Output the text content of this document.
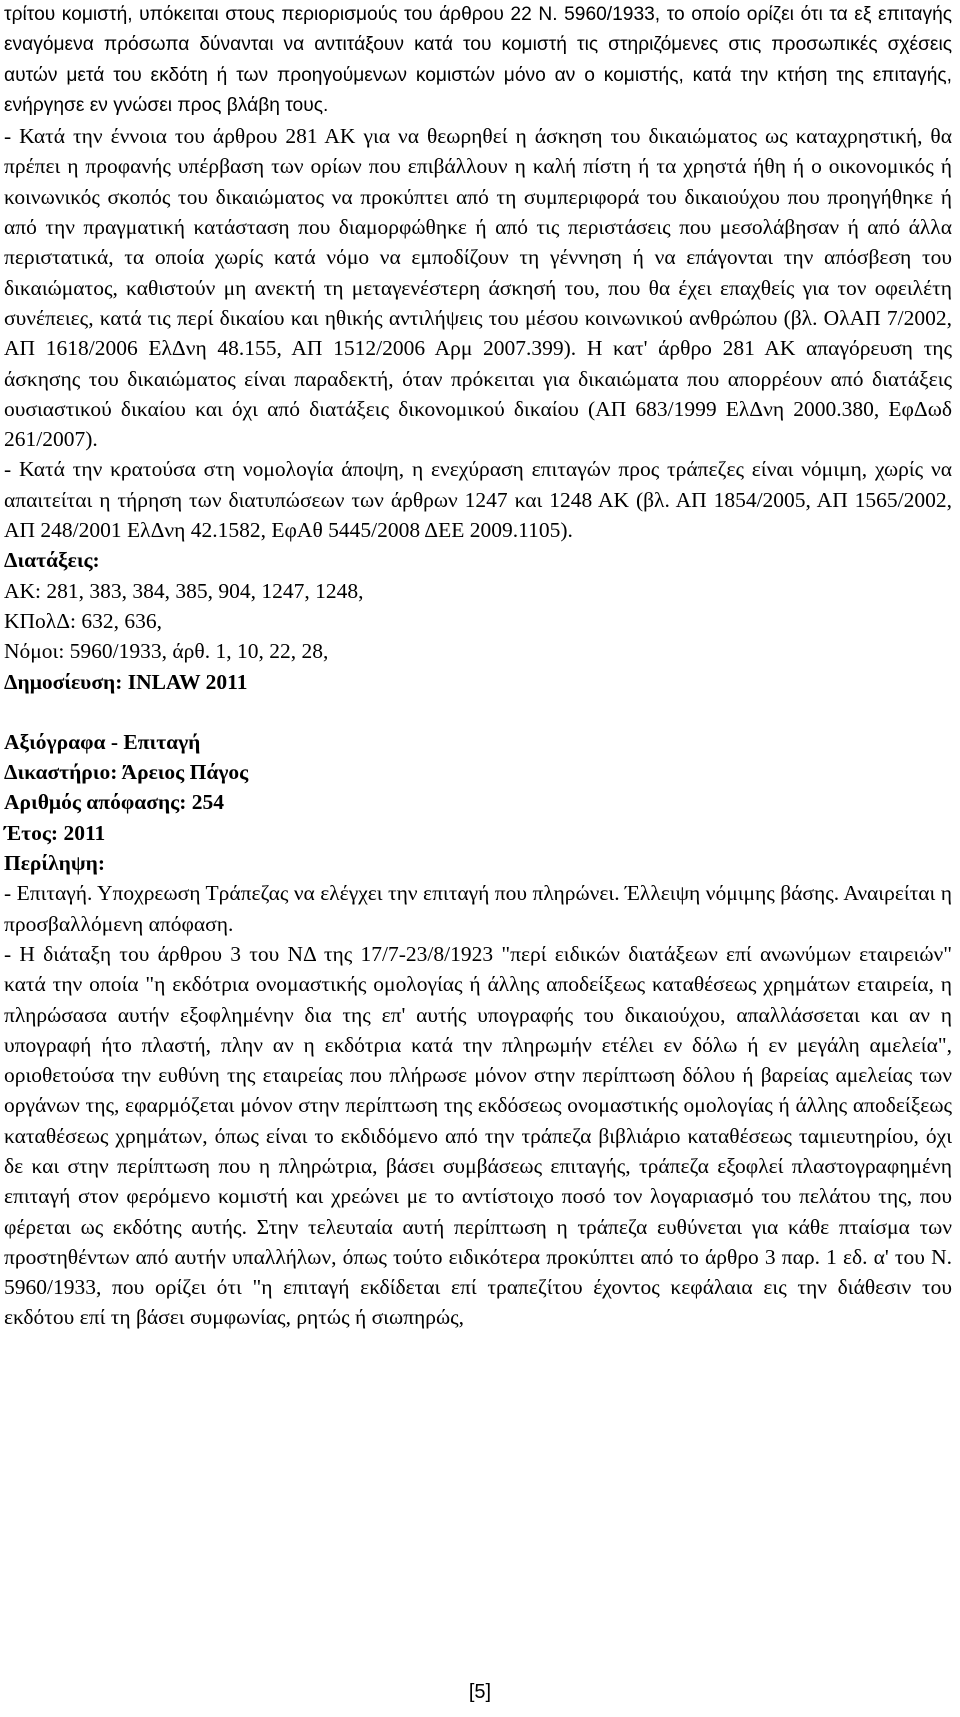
τρίτου κομιστή, υπόκειται στους περιορισμούς του άρθρου 22 Ν. 5960/1933, το οποίο ορίζει ότι τα εξ επιταγής εναγόμενα πρόσωπα δύνανται να αντιτάξουν κατά του κομιστή τις στηριζόμενες στις προσωπικές σχέσεις αυτών μετά του εκδότη ή των προηγούμενων κομιστών μόνο αν ο κομιστής, κατά την κτήση της επιταγής, ενήργησε εν γνώσει προς βλάβη τους.

- Κατά την έννοια του άρθρου 281 ΑΚ για να θεωρηθεί η άσκηση του δικαιώματος ως καταχρηστική, θα πρέπει η προφανής υπέρβαση των ορίων που επιβάλλουν η καλή πίστη ή τα χρηστά ήθη ή ο οικονομικός ή κοινωνικός σκοπός του δικαιώματος να προκύπτει από τη συμπεριφορά του δικαιούχου που προηγήθηκε ή από την πραγματική κατάσταση που διαμορφώθηκε ή από τις περιστάσεις που μεσολάβησαν ή από άλλα περιστατικά, τα οποία χωρίς κατά νόμο να εμποδίζουν τη γέννηση ή να επάγονται την απόσβεση του δικαιώματος, καθιστούν μη ανεκτή τη μεταγενέστερη άσκησή του, που θα έχει επαχθείς για τον οφειλέτη συνέπειες, κατά τις περί δικαίου και ηθικής αντιλήψεις του μέσου κοινωνικού ανθρώπου (βλ. ΟλΑΠ 7/2002, ΑΠ 1618/2006 ΕλΔνη 48.155, ΑΠ 1512/2006 Αρμ 2007.399). Η κατ' άρθρο 281 ΑΚ απαγόρευση της άσκησης του δικαιώματος είναι παραδεκτή, όταν πρόκειται για δικαιώματα που απορρέουν από διατάξεις ουσιαστικού δικαίου και όχι από διατάξεις δικονομικού δικαίου (ΑΠ 683/1999 ΕλΔνη 2000.380, ΕφΔωδ 261/2007).

- Κατά την κρατούσα στη νομολογία άποψη, η ενεχύραση επιταγών προς τράπεζες είναι νόμιμη, χωρίς να απαιτείται η τήρηση των διατυπώσεων των άρθρων 1247 και 1248 ΑΚ (βλ. ΑΠ 1854/2005, ΑΠ 1565/2002, ΑΠ 248/2001 ΕλΔνη 42.1582, ΕφΑθ 5445/2008 ΔΕΕ 2009.1105).

Διατάξεις:

ΑΚ: 281, 383, 384, 385, 904, 1247, 1248,

ΚΠολΔ: 632, 636,

Νόμοι: 5960/1933, άρθ. 1, 10, 22, 28,

Δημοσίευση: INLAW 2011

Αξιόγραφα - Επιταγή

Δικαστήριο: Άρειος Πάγος

Αριθμός απόφασης: 254

Έτος: 2011

Περίληψη:

- Επιταγή. Υποχρεωση Τράπεζας να ελέγχει την επιταγή που πληρώνει. Έλλειψη νόμιμης βάσης. Αναιρείται η προσβαλλόμενη απόφαση.

- Η διάταξη του άρθρου 3 του ΝΔ της 17/7-23/8/1923 "περί ειδικών διατάξεων επί ανωνύμων εταιρειών" κατά την οποία "η εκδότρια ονομαστικής ομολογίας ή άλλης αποδείξεως καταθέσεως χρημάτων εταιρεία, η πληρώσασα αυτήν εξοφλημένην δια της επ' αυτής υπογραφής του δικαιούχου, απαλλάσσεται και αν η υπογραφή ήτο πλαστή, πλην αν η εκδότρια κατά την πληρωμήν ετέλει εν δόλω ή εν μεγάλη αμελεία", οριοθετούσα την ευθύνη της εταιρείας που πλήρωσε μόνον στην περίπτωση δόλου ή βαρείας αμελείας των οργάνων της, εφαρμόζεται μόνον στην περίπτωση της εκδόσεως ονομαστικής ομολογίας ή άλλης αποδείξεως καταθέσεως χρημάτων, όπως είναι το εκδιδόμενο από την τράπεζα βιβλιάριο καταθέσεως ταμιευτηρίου, όχι δε και στην περίπτωση που η πληρώτρια, βάσει συμβάσεως επιταγής, τράπεζα εξοφλεί πλαστογραφημένη επιταγή στον φερόμενο κομιστή και χρεώνει με το αντίστοιχο ποσό τον λογαριασμό του πελάτου της, που φέρεται ως εκδότης αυτής. Στην τελευταία αυτή περίπτωση η τράπεζα ευθύνεται για κάθε πταίσμα των προστηθέντων από αυτήν υπαλλήλων, όπως τούτο ειδικότερα προκύπτει από το άρθρο 3 παρ. 1 εδ. α' του Ν. 5960/1933, που ορίζει ότι "η επιταγή εκδίδεται επί τραπεζίτου έχοντος κεφάλαια εις την διάθεσιν του εκδότου επί τη βάσει συμφωνίας, ρητώς ή σιωπηρώς,

[5]
